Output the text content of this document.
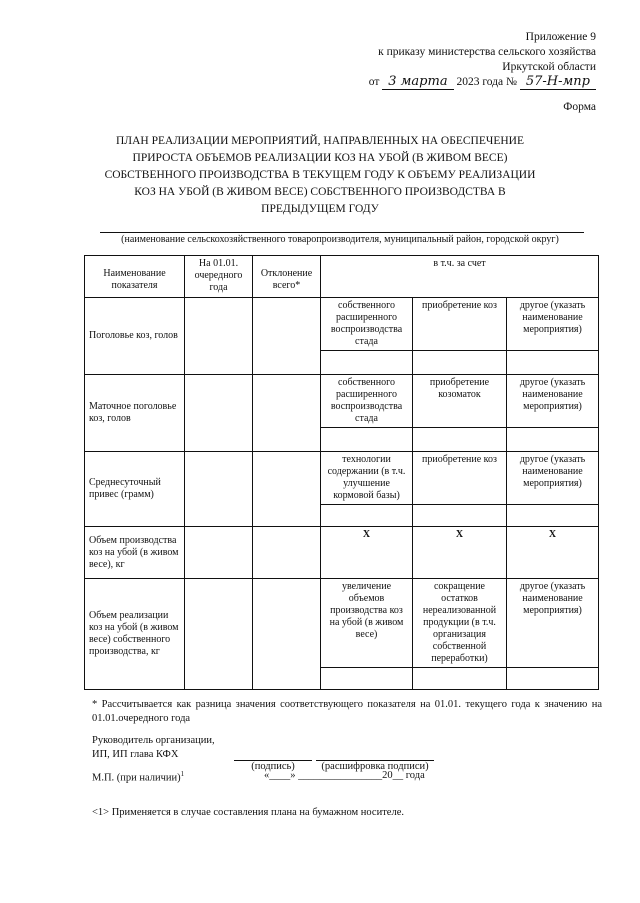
Приложение 9
к приказу министерства сельского хозяйства
Иркутской области
от 3 марта 2023 года № 57-Н-мпр
Форма
ПЛАН РЕАЛИЗАЦИИ МЕРОПРИЯТИЙ, НАПРАВЛЕННЫХ НА ОБЕСПЕЧЕНИЕ ПРИРОСТА ОБЪЕМОВ РЕАЛИЗАЦИИ КОЗ НА УБОЙ (В ЖИВОМ ВЕСЕ) СОБСТВЕННОГО ПРОИЗВОДСТВА В ТЕКУЩЕМ ГОДУ К ОБЪЕМУ РЕАЛИЗАЦИИ КОЗ НА УБОЙ (В ЖИВОМ ВЕСЕ) СОБСТВЕННОГО ПРОИЗВОДСТВА В ПРЕДЫДУЩЕМ ГОДУ
(наименование сельскохозяйственного товаропроизводителя, муниципальный район, городской округ)
Наименование показателя	На 01.01. очередного года	Отклонение всего*	в т.ч. за счет		
Поголовье коз, голов			собственного расширенного воспроизводства стада	приобретение коз	другое (указать наименование мероприятия)

Маточное поголовье коз, голов			собственного расширенного воспроизводства стада	приобретение козоматок	другое (указать наименование мероприятия)

Среднесуточный привес (грамм)			технологии содержании (в т.ч. улучшение кормовой базы)	приобретение коз	другое (указать наименование мероприятия)

Объем производства коз на убой (в живом весе), кг			Х	Х	Х
Объем реализации коз на убой (в живом весе) собственного производства, кг			увеличение объемов производства коз на убой (в живом весе)	сокращение остатков нереализованной продукции (в т.ч. организация собственной переработки)	другое (указать наименование мероприятия)

* Рассчитывается как разница значения соответствующего показателя на 01.01. текущего года к значению на 01.01.очередного года
Руководитель организации,
ИП, ИП глава КФХ
(подпись)	(расшифровка подписи)
М.П. (при наличии)$^1$	«____» ________________20__ года
<1> Применяется в случае составления плана на бумажном носителе.
